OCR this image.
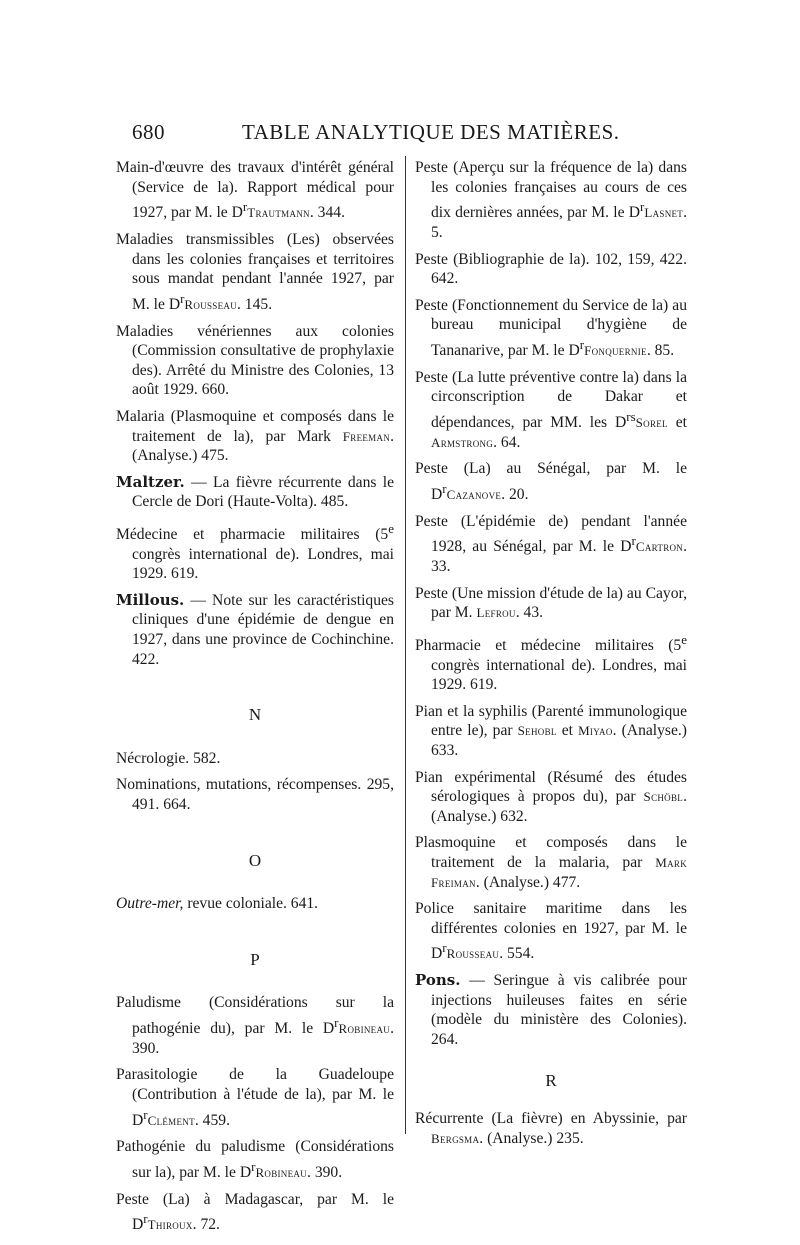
680	TABLE ANALYTIQUE DES MATIÈRES.
Main-d'œuvre des travaux d'intérêt général (Service de la). Rapport médical pour 1927, par M. le $D^rTrautmann$. 344.
Maladies transmissibles (Les) observées dans les colonies françaises et territoires sous mandat pendant l'année 1927, par M. le $D^rRousseau$. 145.
Maladies vénériennes aux colonies (Commission consultative de prophylaxie des). Arrêté du Ministre des Colonies, 13 août 1929. 660.
Malaria (Plasmoquine et composés dans le traitement de la), par Mark Freeman. (Analyse.) 475.
Maltzer. — La fièvre récurrente dans le Cercle de Dori (Haute-Volta). 485.
Médecine et pharmacie militaires (5e congrès international de). Londres, mai 1929. 619.
Millous. — Note sur les caractéristiques cliniques d'une épidémie de dengue en 1927, dans une province de Cochinchine. 422.
N
Nécrologie. 582.
Nominations, mutations, récompenses. 295, 491. 664.
O
Outre-mer, revue coloniale. 641.
P
Paludisme (Considérations sur la pathogénie du), par M. le $D^rRobineau$. 390.
Parasitologie de la Guadeloupe (Contribution à l'étude de la), par M. le $D^rClément$. 459.
Pathogénie du paludisme (Considérations sur la), par M. le $D^rRobineau$. 390.
Peste (La) à Madagascar, par M. le $D^rThiroux$. 72.
Peste (Aperçu sur la fréquence de la) dans les colonies françaises au cours de ces dix dernières années, par M. le $D^rLasnet$. 5.
Peste (Bibliographie de la). 102, 159, 422. 642.
Peste (Fonctionnement du Service de la) au bureau municipal d'hygiène de Tananarive, par M. le $D^rFonquernie$. 85.
Peste (La lutte préventive contre la) dans la circonscription de Dakar et dépendances, par MM. les $D^{rs}Sorel$ et Armstrong. 64.
Peste (La) au Sénégal, par M. le $D^rCazanove$. 20.
Peste (L'épidémie de) pendant l'année 1928, au Sénégal, par M. le $D^rCartron$. 33.
Peste (Une mission d'étude de la) au Cayor, par M. Lefrou. 43.
Pharmacie et médecine militaires (5e congrès international de). Londres, mai 1929. 619.
Pian et la syphilis (Parenté immunologique entre le), par Sehobl et Miyao. (Analyse.) 633.
Pian expérimental (Résumé des études sérologiques à propos du), par Schöbl. (Analyse.) 632.
Plasmoquine et composés dans le traitement de la malaria, par Mark Freiman. (Analyse.) 477.
Police sanitaire maritime dans les différentes colonies en 1927, par M. le $D^rRousseau$. 554.
Pons. — Seringue à vis calibrée pour injections huileuses faites en série (modèle du ministère des Colonies). 264.
R
Récurrente (La fièvre) en Abyssinie, par Bergsma. (Analyse.) 235.
